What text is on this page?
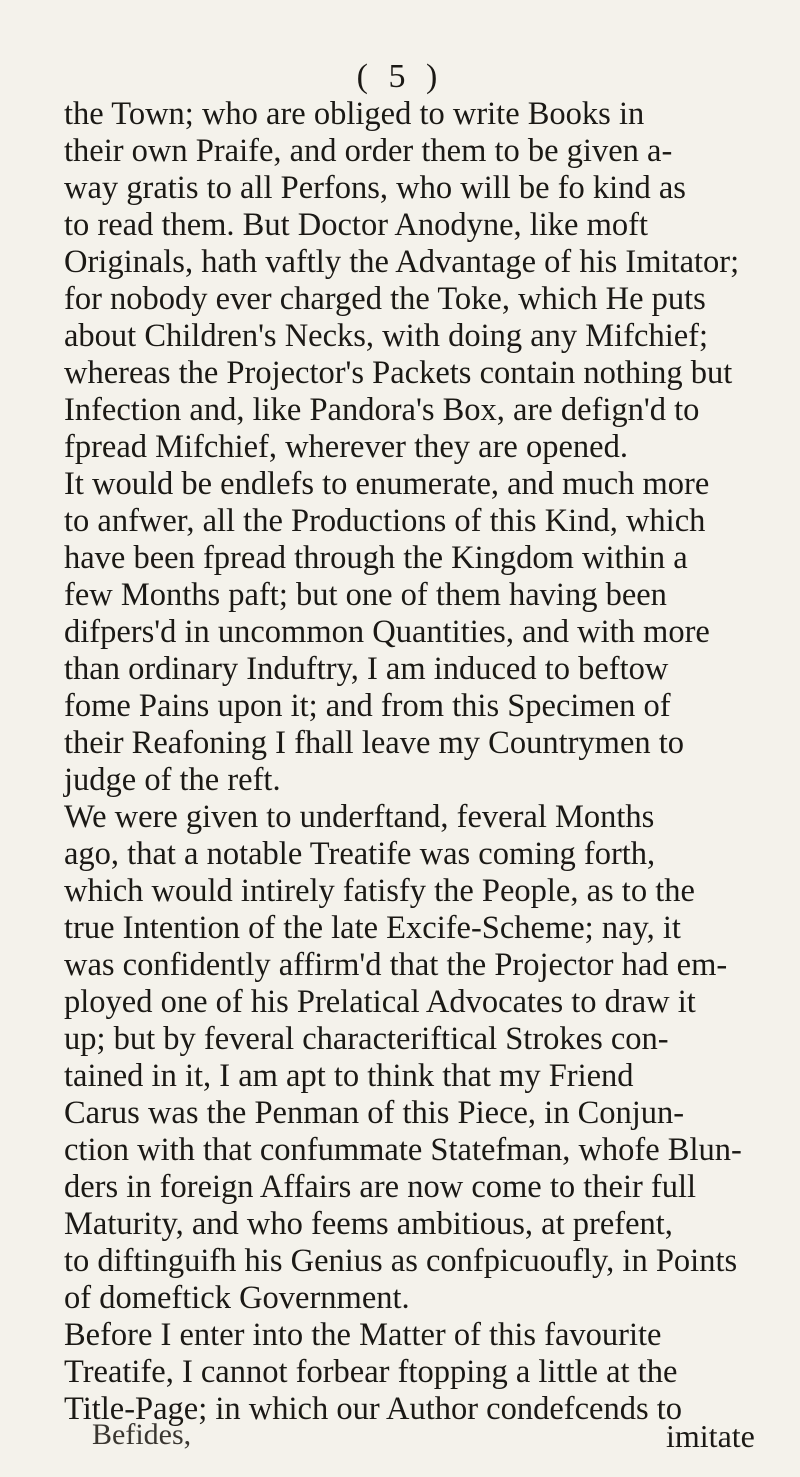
( 5 )
the Town; who are obliged to write Books in
their own Praife, and order them to be given a-
way gratis to all Perfons, who will be fo kind as
to read them. But Doctor Anodyne, like moft
Originals, hath vaftly the Advantage of his Imitator;
for nobody ever charged the Toke, which He puts
about Children's Necks, with doing any Mifchief;
whereas the Projector's Packets contain nothing but
Infection and, like Pandora's Box, are defign'd to
fpread Mifchief, wherever they are opened.
It would be endlefs to enumerate, and much more
to anfwer, all the Productions of this Kind, which
have been fpread through the Kingdom within a
few Months paft; but one of them having been
difpers'd in uncommon Quantities, and with more
than ordinary Induftry, I am induced to beftow
fome Pains upon it; and from this Specimen of
their Reafoning I fhall leave my Countrymen to
judge of the reft.
We were given to underftand, feveral Months
ago, that a notable Treatife was coming forth,
which would intirely fatisfy the People, as to the
true Intention of the late Excife-Scheme; nay, it
was confidently affirm'd that the Projector had em-
ployed one of his Prelatical Advocates to draw it
up; but by feveral characteriftical Strokes con-
tained in it, I am apt to think that my Friend
Carus was the Penman of this Piece, in Conjun-
ction with that confummate Statefman, whofe Blun-
ders in foreign Affairs are now come to their full
Maturity, and who feems ambitious, at prefent,
to diftinguifh his Genius as confpicuoufly, in Points
of domeftick Government.
Before I enter into the Matter of this favourite
Treatife, I cannot forbear ftopping a little at the
Title-Page; in which our Author condefcends to
Befides,	imitate
